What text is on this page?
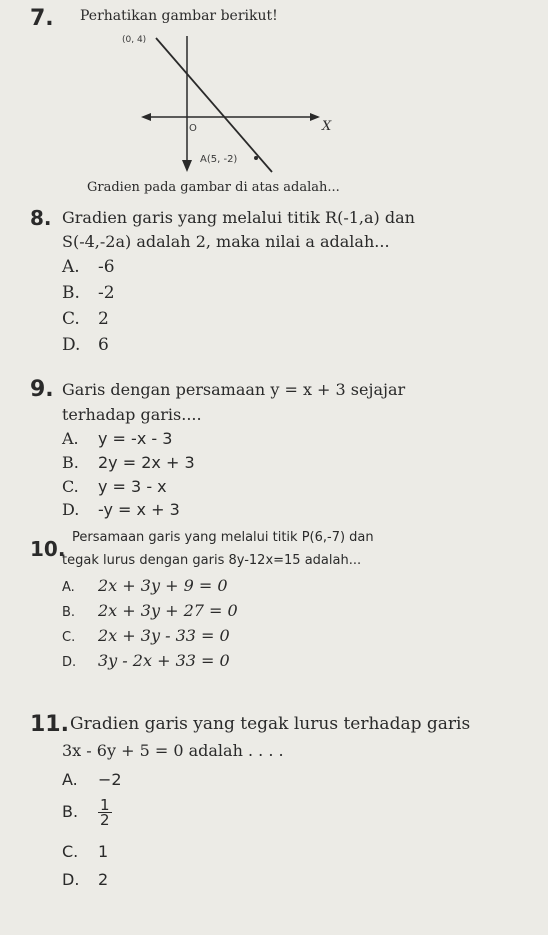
7. Perhatikan gambar berikut!
(0, 4)
O	X
A(5, -2)
Gradien pada gambar di atas adalah...
8. Gradien garis yang melalui titik R(-1,a) dan
S(-4,-2a) adalah 2, maka nilai a adalah...
A. -6
B. -2
C. 2
D. 6
9. Garis dengan persamaan y = x + 3 sejajar
terhadap garis....
A. y = -x - 3
B. 2y = 2x + 3
C. y = 3 - x
D. -y = x + 3
10. Persamaan garis yang melalui titik P(6,-7) dan
tegak lurus dengan garis 8y-12x=15 adalah...
A. 2x + 3y + 9 = 0
B. 2x + 3y + 27 = 0
C. 2x + 3y - 33 = 0
D. 3y - 2x + 33 = 0
11. Gradien garis yang tegak lurus terhadap garis
3x - 6y + 5 = 0 adalah . . . .
A. −2
B. $\frac{1}{2}$
C. 1
D. 2
